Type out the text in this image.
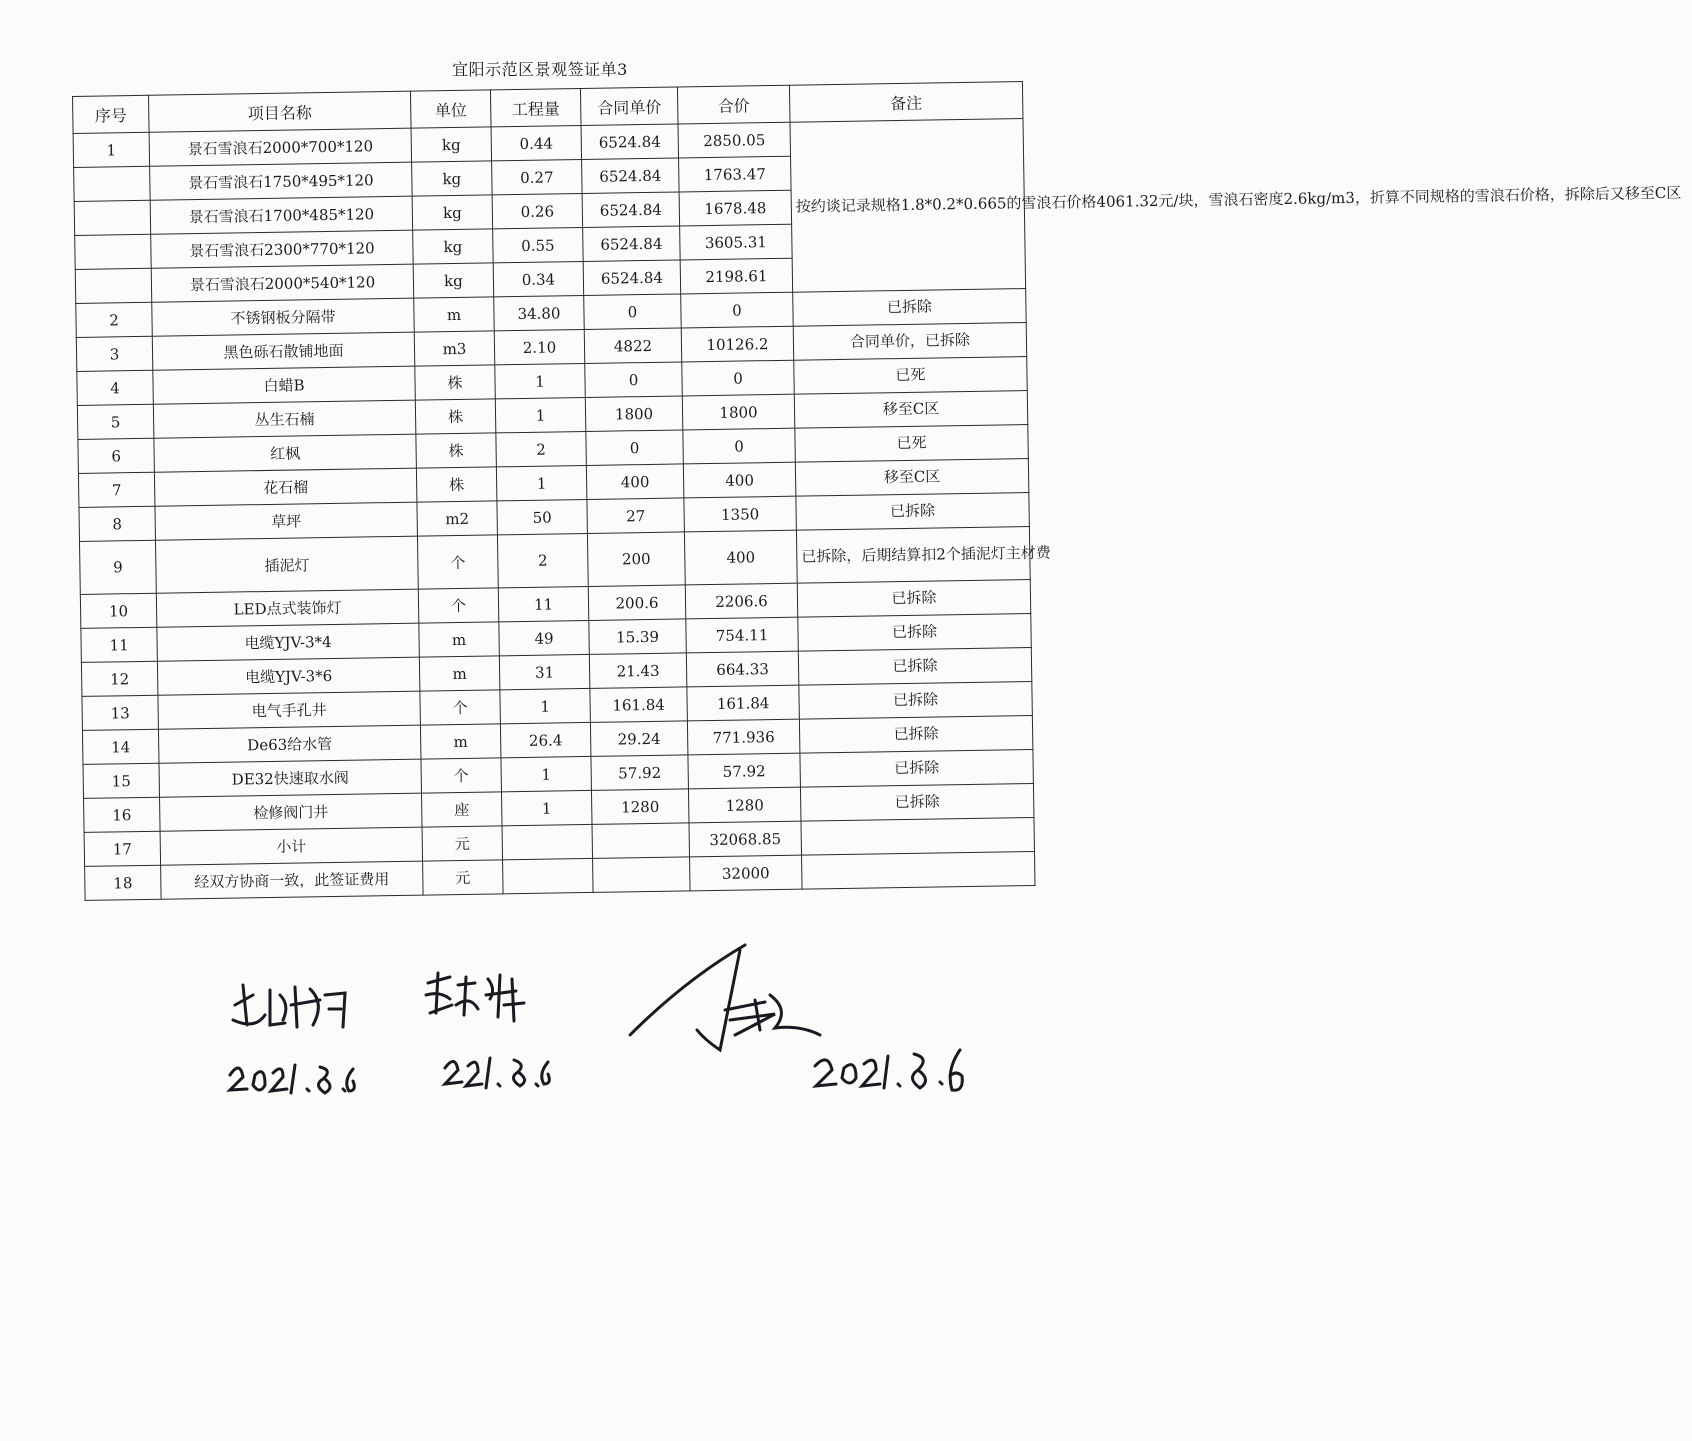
宜阳示范区景观签证单3
序号	项目名称	单位	工程量	合同单价	合价	备注
1	景石雪浪石2000*700*120	kg	0.44	6524.84	2850.05	按约谈记录规格1.8*0.2*0.665的雪浪石价格4061.32元/块，雪浪石密度2.6kg/m3，折算不同规格的雪浪石价格，拆除后又移至C区
	景石雪浪石1750*495*120	kg	0.27	6524.84	1763.47	
	景石雪浪石1700*485*120	kg	0.26	6524.84	1678.48	
	景石雪浪石2300*770*120	kg	0.55	6524.84	3605.31	
	景石雪浪石2000*540*120	kg	0.34	6524.84	2198.61	
2	不锈钢板分隔带	m	34.80	0	0	已拆除
3	黑色砾石散铺地面	m3	2.10	4822	10126.2	合同单价，已拆除
4	白蜡B	株	1	0	0	已死
5	丛生石楠	株	1	1800	1800	移至C区
6	红枫	株	2	0	0	已死
7	花石榴	株	1	400	400	移至C区
8	草坪	m2	50	27	1350	已拆除
9	插泥灯	个	2	200	400	已拆除，后期结算扣2个插泥灯主材费
10	LED点式装饰灯	个	11	200.6	2206.6	已拆除
11	电缆YJV-3*4	m	49	15.39	754.11	已拆除
12	电缆YJV-3*6	m	31	21.43	664.33	已拆除
13	电气手孔井	个	1	161.84	161.84	已拆除
14	De63给水管	m	26.4	29.24	771.936	已拆除
15	DE32快速取水阀	个	1	57.92	57.92	已拆除
16	检修阀门井	座	1	1280	1280	已拆除
17	小计	元			32068.85	
18	经双方协商一致，此签证费用	元			32000	
